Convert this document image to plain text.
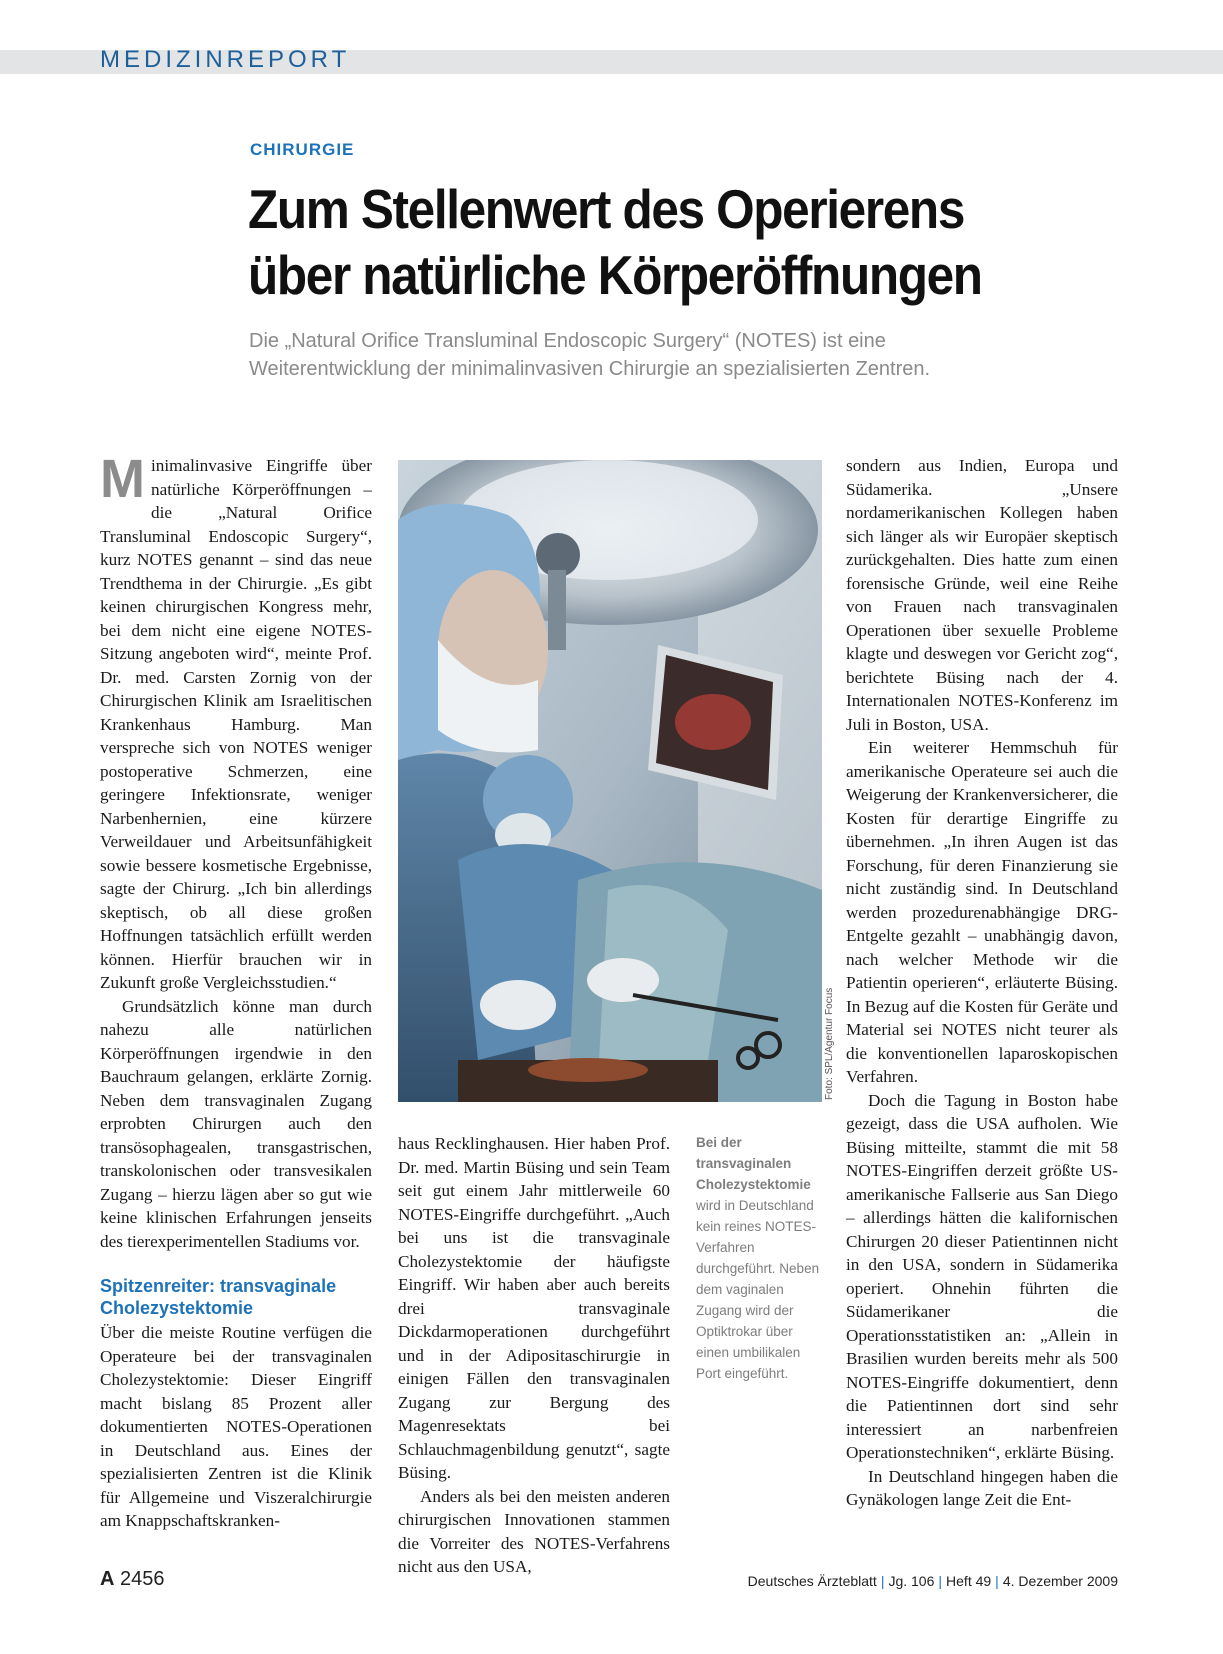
MEDIZINREPORT
CHIRURGIE
Zum Stellenwert des Operierens
über natürliche Körperöffnungen

Die „Natural Orifice Transluminal Endoscopic Surgery“ (NOTES) ist eine
Weiterentwicklung der minimalinvasiven Chirurgie an spezialisierten Zentren.

Minimalinvasive Eingriffe über natürliche Körperöffnungen – die „Natural Orifice Transluminal Endoscopic Surgery“, kurz NOTES genannt – sind das neue Trendthema in der Chirurgie. „Es gibt keinen chirurgischen Kongress mehr, bei dem nicht eine eigene NOTES-Sitzung angeboten wird“, meinte Prof. Dr. med. Carsten Zornig von der Chirurgischen Klinik am Israelitischen Krankenhaus Hamburg. Man verspreche sich von NOTES weniger postoperative Schmerzen, eine geringere Infektionsrate, weniger Narbenhernien, eine kürzere Verweildauer und Arbeitsunfähigkeit sowie bessere kosmetische Ergebnisse, sagte der Chirurg. „Ich bin allerdings skeptisch, ob all diese großen Hoffnungen tatsächlich erfüllt werden können. Hierfür brauchen wir in Zukunft große Vergleichsstudien.“

Grundsätzlich könne man durch nahezu alle natürlichen Körperöffnungen irgendwie in den Bauchraum gelangen, erklärte Zornig. Neben dem transvaginalen Zugang erprobten Chirurgen auch den transösophagealen, transgastrischen, transkolonischen oder transvesikalen Zugang – hierzu lägen aber so gut wie keine klinischen Erfahrungen jenseits des tierexperimentellen Stadiums vor.

Spitzenreiter: transvaginale
Cholezystektomie

Über die meiste Routine verfügen die Operateure bei der transvaginalen Cholezystektomie: Dieser Eingriff macht bislang 85 Prozent aller dokumentierten NOTES-Operationen in Deutschland aus. Eines der spezialisierten Zentren ist die Klinik für Allgemeine und Viszeralchirurgie am Knappschaftskranken-

Foto: SPL/Agentur Focus

haus Recklinghausen. Hier haben Prof. Dr. med. Martin Büsing und sein Team seit gut einem Jahr mittlerweile 60 NOTES-Eingriffe durchgeführt. „Auch bei uns ist die transvaginale Cholezystektomie der häufigste Eingriff. Wir haben aber auch bereits drei transvaginale Dickdarmoperationen durchgeführt und in der Adipositaschirurgie in einigen Fällen den transvaginalen Zugang zur Bergung des Magenresektats bei Schlauchmagenbildung genutzt“, sagte Büsing.

Anders als bei den meisten anderen chirurgischen Innovationen stammen die Vorreiter des NOTES-Verfahrens nicht aus den USA,

Bei der transvaginalen Cholezystektomie wird in Deutschland kein reines NOTES-Verfahren durchgeführt. Neben dem vaginalen Zugang wird der Optiktrokar über einen umbilikalen Port eingeführt.

sondern aus Indien, Europa und Südamerika. „Unsere nordamerikanischen Kollegen haben sich länger als wir Europäer skeptisch zurückgehalten. Dies hatte zum einen forensische Gründe, weil eine Reihe von Frauen nach transvaginalen Operationen über sexuelle Probleme klagte und deswegen vor Gericht zog“, berichtete Büsing nach der 4. Internationalen NOTES-Konferenz im Juli in Boston, USA.

Ein weiterer Hemmschuh für amerikanische Operateure sei auch die Weigerung der Krankenversicherer, die Kosten für derartige Eingriffe zu übernehmen. „In ihren Augen ist das Forschung, für deren Finanzierung sie nicht zuständig sind. In Deutschland werden prozedurenabhängige DRG-Entgelte gezahlt – unabhängig davon, nach welcher Methode wir die Patientin operieren“, erläuterte Büsing. In Bezug auf die Kosten für Geräte und Material sei NOTES nicht teurer als die konventionellen laparoskopischen Verfahren.

Doch die Tagung in Boston habe gezeigt, dass die USA aufholen. Wie Büsing mitteilte, stammt die mit 58 NOTES-Eingriffen derzeit größte US-amerikanische Fallserie aus San Diego – allerdings hätten die kalifornischen Chirurgen 20 dieser Patientinnen nicht in den USA, sondern in Südamerika operiert. Ohnehin führten die Südamerikaner die Operationsstatistiken an: „Allein in Brasilien wurden bereits mehr als 500 NOTES-Eingriffe dokumentiert, denn die Patientinnen dort sind sehr interessiert an narbenfreien Operationstechniken“, erklärte Büsing.

In Deutschland hingegen haben die Gynäkologen lange Zeit die Ent-

A 2456	Deutsches Ärzteblatt | Jg. 106 | Heft 49 | 4. Dezember 2009
